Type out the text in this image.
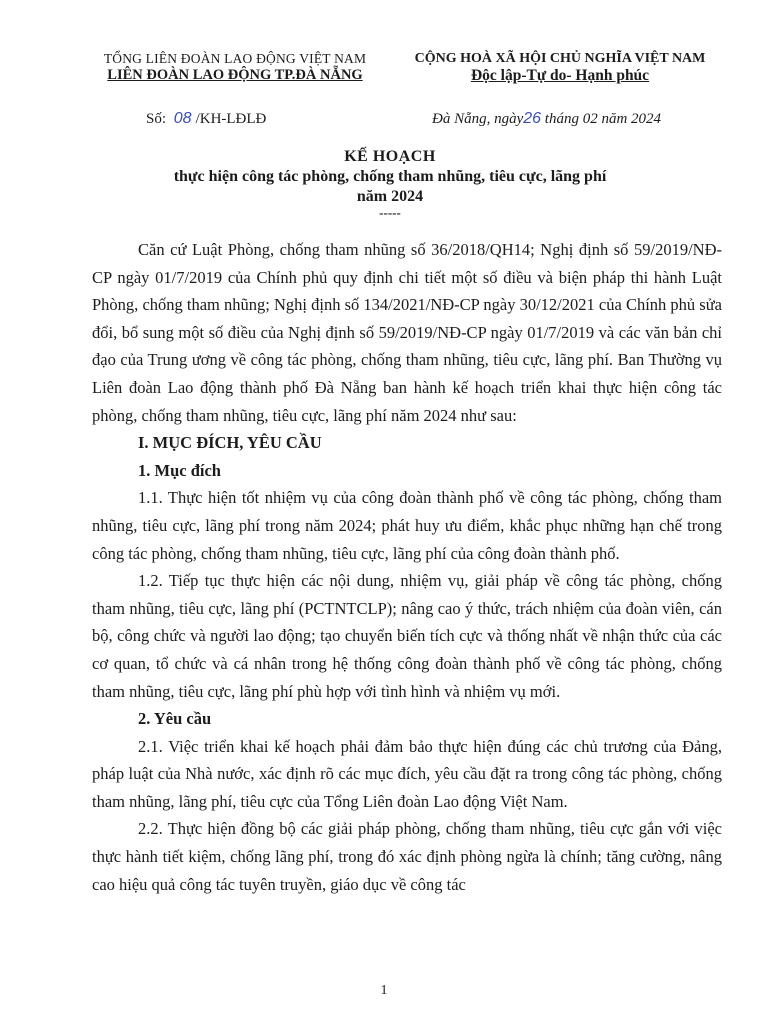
TỔNG LIÊN ĐOÀN LAO ĐỘNG VIỆT NAM
LIÊN ĐOÀN LAO ĐỘNG TP.ĐÀ NẴNG
CỘNG HOÀ XÃ HỘI CHỦ NGHĨA VIỆT NAM
Độc lập-Tự do- Hạnh phúc
Số: 08 /KH-LĐLĐ	Đà Nẵng, ngày26 tháng 02 năm 2024
KẾ HOẠCH
thực hiện công tác phòng, chống tham nhũng, tiêu cực, lãng phí
năm 2024
-----

Căn cứ Luật Phòng, chống tham nhũng số 36/2018/QH14; Nghị định số 59/2019/NĐ-CP ngày 01/7/2019 của Chính phủ quy định chi tiết một số điều và biện pháp thi hành Luật Phòng, chống tham nhũng; Nghị định số 134/2021/NĐ-CP ngày 30/12/2021 của Chính phủ sửa đổi, bổ sung một số điều của Nghị định số 59/2019/NĐ-CP ngày 01/7/2019 và các văn bản chỉ đạo của Trung ương về công tác phòng, chống tham nhũng, tiêu cực, lãng phí. Ban Thường vụ Liên đoàn Lao động thành phố Đà Nẵng ban hành kế hoạch triển khai thực hiện công tác phòng, chống tham nhũng, tiêu cực, lãng phí năm 2024 như sau:

I. MỤC ĐÍCH, YÊU CẦU
1. Mục đích

1.1. Thực hiện tốt nhiệm vụ của công đoàn thành phố về công tác phòng, chống tham nhũng, tiêu cực, lãng phí trong năm 2024; phát huy ưu điểm, khắc phục những hạn chế trong công tác phòng, chống tham nhũng, tiêu cực, lãng phí của công đoàn thành phố.

1.2. Tiếp tục thực hiện các nội dung, nhiệm vụ, giải pháp về công tác phòng, chống tham nhũng, tiêu cực, lãng phí (PCTNTCLP); nâng cao ý thức, trách nhiệm của đoàn viên, cán bộ, công chức và người lao động; tạo chuyển biến tích cực và thống nhất về nhận thức của các cơ quan, tổ chức và cá nhân trong hệ thống công đoàn thành phố về công tác phòng, chống tham nhũng, tiêu cực, lãng phí phù hợp với tình hình và nhiệm vụ mới.

2. Yêu cầu

2.1. Việc triển khai kế hoạch phải đảm bảo thực hiện đúng các chủ trương của Đảng, pháp luật của Nhà nước, xác định rõ các mục đích, yêu cầu đặt ra trong công tác phòng, chống tham nhũng, lãng phí, tiêu cực của Tổng Liên đoàn Lao động Việt Nam.

2.2. Thực hiện đồng bộ các giải pháp phòng, chống tham nhũng, tiêu cực gắn với việc thực hành tiết kiệm, chống lãng phí, trong đó xác định phòng ngừa là chính; tăng cường, nâng cao hiệu quả công tác tuyên truyền, giáo dục về công tác

1
